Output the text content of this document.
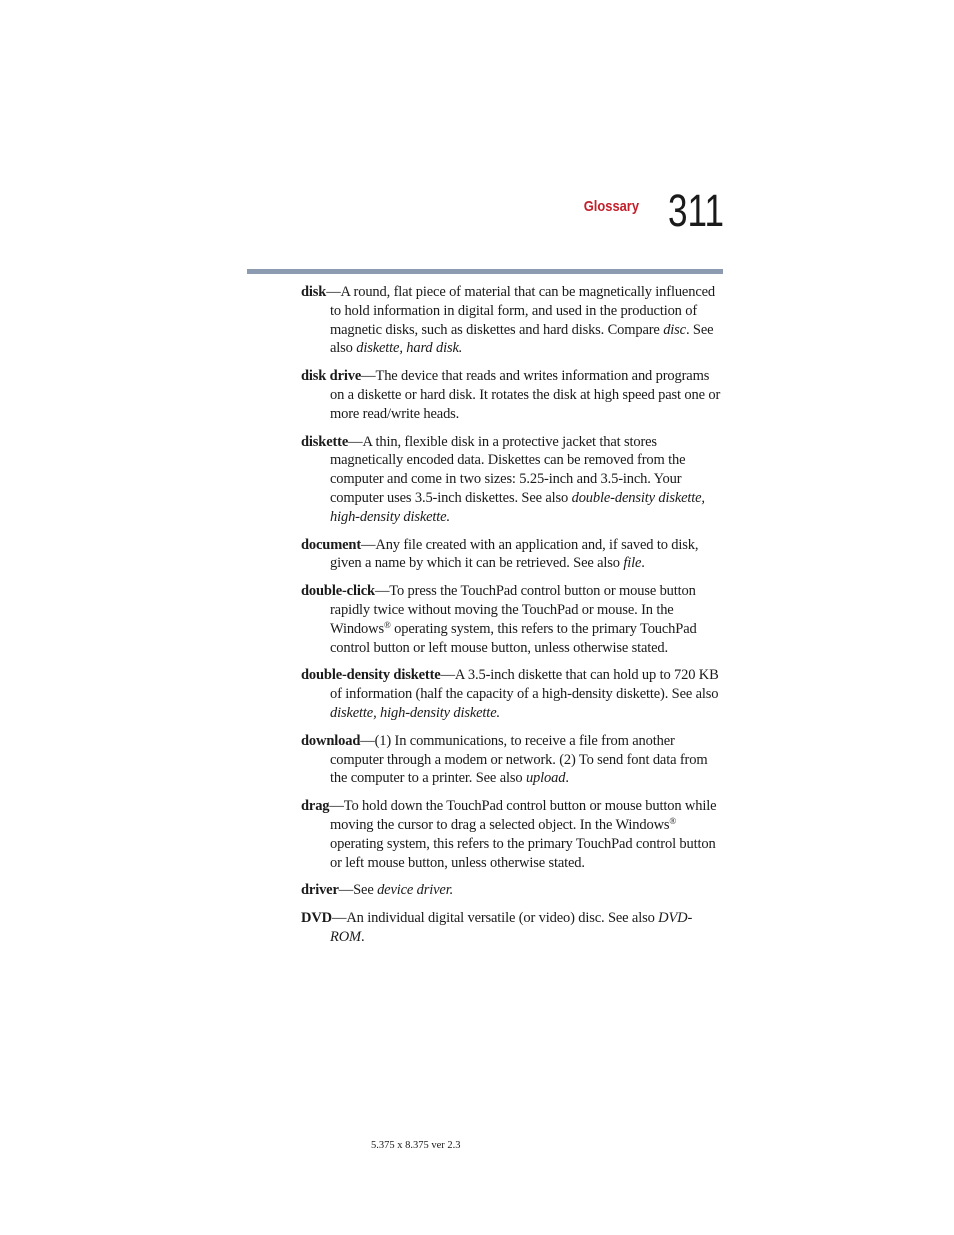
Glossary 311

disk—A round, flat piece of material that can be magnetically influenced to hold information in digital form, and used in the production of magnetic disks, such as diskettes and hard disks. Compare disc. See also diskette, hard disk.

disk drive—The device that reads and writes information and programs on a diskette or hard disk. It rotates the disk at high speed past one or more read/write heads.

diskette—A thin, flexible disk in a protective jacket that stores magnetically encoded data. Diskettes can be removed from the computer and come in two sizes: 5.25-inch and 3.5-inch. Your computer uses 3.5-inch diskettes. See also double-density diskette, high-density diskette.

document—Any file created with an application and, if saved to disk, given a name by which it can be retrieved. See also file.

double-click—To press the TouchPad control button or mouse button rapidly twice without moving the TouchPad or mouse. In the Windows® operating system, this refers to the primary TouchPad control button or left mouse button, unless otherwise stated.

double-density diskette—A 3.5-inch diskette that can hold up to 720 KB of information (half the capacity of a high-density diskette). See also diskette, high-density diskette.

download—(1) In communications, to receive a file from another computer through a modem or network. (2) To send font data from the computer to a printer. See also upload.

drag—To hold down the TouchPad control button or mouse button while moving the cursor to drag a selected object. In the Windows® operating system, this refers to the primary TouchPad control button or left mouse button, unless otherwise stated.

driver—See device driver.

DVD—An individual digital versatile (or video) disc. See also DVD-ROM.

5.375 x 8.375 ver 2.3
